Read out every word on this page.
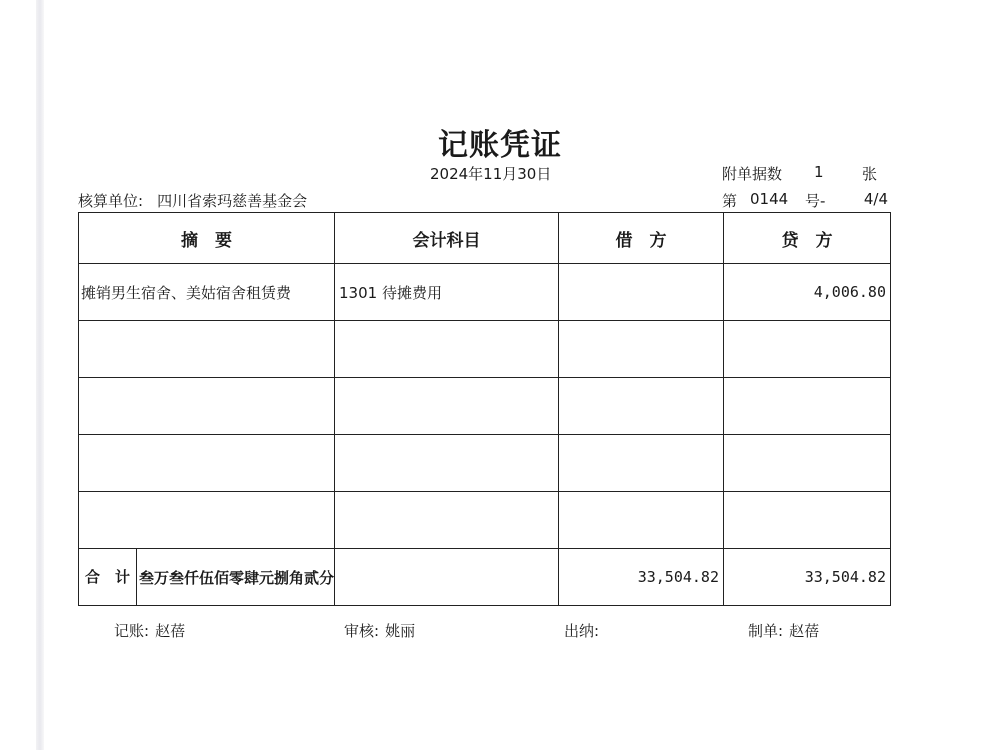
记账凭证
2024年11月30日	附单据数	1	张
核算单位: 四川省索玛慈善基金会	第 0144	号-	4/4
摘　要	会计科目	借　方	贷　方
摊销男生宿舍、美姑宿舍租赁费	1301 待摊费用		4,006.80

合　计 叁万叁仟伍佰零肆元捌角贰分		33,504.82	33,504.82
记账: 赵蓓	审核: 姚丽	出纳:	制单: 赵蓓
